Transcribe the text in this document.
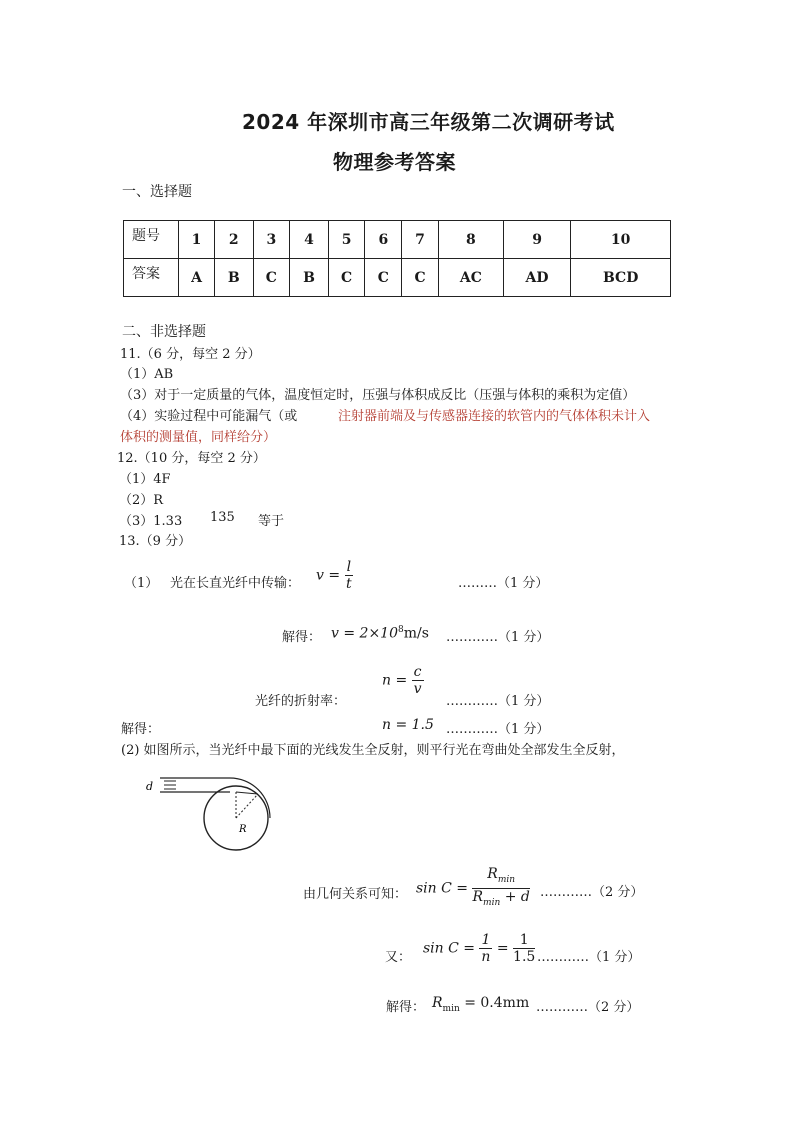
2024 年深圳市高三年级第二次调研考试
物理参考答案
一、选择题
题号	1	2	3	4	5	6	7	8	9	10
答案	A	B	C	B	C	C	C	AC	AD	BCD
二、非选择题
11.（6 分，每空 2 分）
（1）AB
（3）对于一定质量的气体，温度恒定时，压强与体积成反比（压强与体积的乘积为定值）
（4）实验过程中可能漏气（或	注射器前端及与传感器连接的软管内的气体体积未计入
体积的测量值，同样给分）
12.（10 分，每空 2 分）
（1）4F
（2）R
（3）1.33 135 等于
13.（9 分）
（1） 光在长直光纤中传输： $v = \frac{l}{t}$	………（1 分）
解得： $v = 2\times 10^8m/s$ …………（1 分）
$n = \frac{c}{v}$
光纤的折射率：	…………（1 分）
解得：	n = 1.5 …………（1 分）
(2) 如图所示，当光纤中最下面的光线发生全反射，则平行光在弯曲处全部发生全反射，
d
R
由几何关系可知： $\sin C = \frac{R_{min}}{R_{min} + d}$ …………（2 分）
又：
$\sin C = \frac{1}{n} = \frac{1}{1.5}$ …………（1 分）
解得： $R_{min} = 0.4mm$ …………（2 分）
